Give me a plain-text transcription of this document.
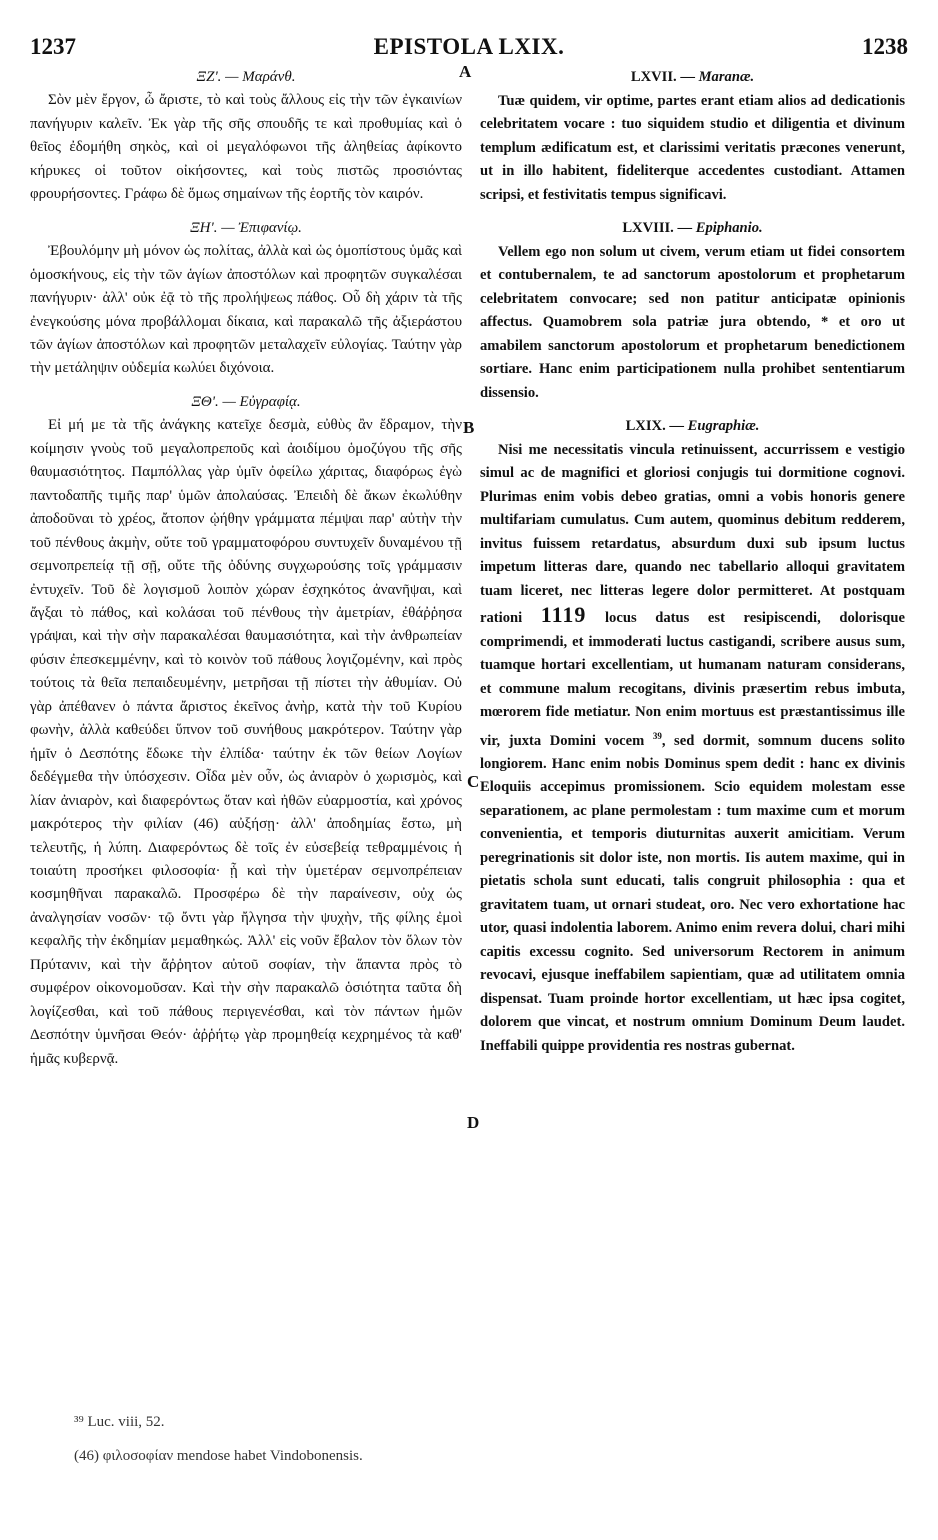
1237	EPISTOLA LXIX.	1238

ΞΖ'. — Μαράνθ.

Σὸν μὲν ἔργον, ὦ ἄριστε, τὸ καὶ τοὺς ἄλλους εἰς τὴν τῶν ἐγκαινίων πανήγυριν καλεῖν. Ἐκ γὰρ τῆς σῆς σπουδῆς τε καὶ προθυμίας καὶ ὁ θεῖος ἐδομήθη σηκὸς, καὶ οἱ μεγαλόφωνοι τῆς ἀληθείας ἀφίκοντο κήρυκες οἱ τοῦτον οἰκήσοντες, καὶ τοὺς πιστῶς προσιόντας φρουρήσοντες. Γράφω δὲ ὅμως σημαίνων τῆς ἑορτῆς τὸν καιρόν.

ΞΗ'. — Ἐπιφανίῳ.

Ἐβουλόμην μὴ μόνον ὡς πολίτας, ἀλλὰ καὶ ὡς ὁμοπίστους ὑμᾶς καὶ ὁμοσκήνους, εἰς τὴν τῶν ἁγίων ἀποστόλων καὶ προφητῶν συγκαλέσαι πανήγυριν· ἀλλ' οὐκ ἐᾷ τὸ τῆς προλήψεως πάθος. Οὗ δὴ χάριν τὰ τῆς ἐνεγκούσης μόνα προβάλλομαι δίκαια, καὶ παρακαλῶ τῆς ἀξιεράστου τῶν ἁγίων ἀποστόλων καὶ προφητῶν μεταλαχεῖν εὐλογίας. Ταύτην γὰρ τὴν μετάληψιν οὐδεμία κωλύει διχόνοια.

ΞΘ'. — Εὐγραφίᾳ.

Εἰ μή με τὰ τῆς ἀνάγκης κατεῖχε δεσμὰ, εὐθὺς ἂν ἔδραμον, τὴν κοίμησιν γνοὺς τοῦ μεγαλοπρεποῦς καὶ ἀοιδίμου ὁμοζύγου τῆς σῆς θαυμασιότητος. Παμπόλλας γὰρ ὑμῖν ὀφείλω χάριτας, διαφόρως ἐγὼ παντοδαπῆς τιμῆς παρ' ὑμῶν ἀπολαύσας. Ἐπειδὴ δὲ ἄκων ἐκωλύθην ἀποδοῦναι τὸ χρέος, ἄτοπον ᾠήθην γράμματα πέμψαι παρ' αὐτὴν τὴν τοῦ πένθους ἀκμὴν, οὔτε τοῦ γραμματοφόρου συντυχεῖν δυναμένου τῇ σεμνοπρεπείᾳ τῇ σῇ, οὔτε τῆς ὀδύνης συγχωρούσης τοῖς γράμμασιν ἐντυχεῖν. Τοῦ δὲ λογισμοῦ λοιπὸν χώραν ἐσχηκότος ἀνανῆψαι, καὶ ἄγξαι τὸ πάθος, καὶ κολάσαι τοῦ πένθους τὴν ἀμετρίαν, ἐθάῤῥησα γράψαι, καὶ τὴν σὴν παρακαλέσαι θαυμασιότητα, καὶ τὴν ἀνθρωπείαν φύσιν ἐπεσκεμμένην, καὶ τὸ κοινὸν τοῦ πάθους λογιζομένην, καὶ πρὸς τούτοις τὰ θεῖα πεπαιδευμένην, μετρῆσαι τῇ πίστει τὴν ἀθυμίαν. Οὐ γὰρ ἀπέθανεν ὁ πάντα ἄριστος ἐκεῖνος ἀνὴρ, κατὰ τὴν τοῦ Κυρίου φωνὴν, ἀλλὰ καθεύδει ὕπνον τοῦ συνήθους μακρότερον. Ταύτην γὰρ ἡμῖν ὁ Δεσπότης ἔδωκε τὴν ἐλπίδα· ταύτην ἐκ τῶν θείων Λογίων δεδέγμεθα τὴν ὑπόσχεσιν. Οἶδα μὲν οὖν, ὡς ἀνιαρὸν ὁ χωρισμὸς, καὶ λίαν ἀνιαρὸν, καὶ διαφερόντως ὅταν καὶ ἠθῶν εὐαρμοστία, καὶ χρόνος μακρότερος τὴν φιλίαν (46) αὐξήσῃ· ἀλλ' ἀποδημίας ἔστω, μὴ τελευτῆς, ἡ λύπη. Διαφερόντως δὲ τοῖς ἐν εὐσεβείᾳ τεθραμμένοις ἡ τοιαύτη προσήκει φιλοσοφία· ᾗ καὶ τὴν ὑμετέραν σεμνοπρέπειαν κοσμηθῆναι παρακαλῶ. Προσφέρω δὲ τὴν παραίνεσιν, οὐχ ὡς ἀναλγησίαν νοσῶν· τῷ ὄντι γὰρ ἤλγησα τὴν ψυχὴν, τῆς φίλης ἐμοὶ κεφαλῆς τὴν ἐκδημίαν μεμαθηκώς. Ἀλλ' εἰς νοῦν ἔβαλον τὸν ὅλων τὸν Πρύτανιν, καὶ τὴν ἄῤῥητον αὐτοῦ σοφίαν, τὴν ἅπαντα πρὸς τὸ συμφέρον οἰκονομοῦσαν. Καὶ τὴν σὴν παρακαλῶ ὁσιότητα ταῦτα δὴ λογίζεσθαι, καὶ τοῦ πάθους περιγενέσθαι, καὶ τὸν πάντων ἡμῶν Δεσπότην ὑμνῆσαι Θεόν· ἀῤῥήτῳ γὰρ προμηθείᾳ κεχρημένος τὰ καθ' ἡμᾶς κυβερνᾷ.

LXVII. — Maranæ.

Tuæ quidem, vir optime, partes erant etiam alios ad dedicationis celebritatem vocare : tuo siquidem studio et diligentia et divinum templum ædificatum est, et clarissimi veritatis præcones venerunt, ut in illo habitent, fideliterque accedentes custodiant. Attamen scripsi, et festivitatis tempus significavi.

LXVIII. — Epiphanio.

Vellem ego non solum ut civem, verum etiam ut fidei consortem et contubernalem, te ad sanctorum apostolorum et prophetarum celebritatem convocare; sed non patitur anticipatæ opinionis affectus. Quamobrem sola patriæ jura obtendo, * et oro ut amabilem sanctorum apostolorum et prophetarum benedictionem sortiare. Hanc enim participationem nulla prohibet sententiarum dissensio.

LXIX. — Eugraphiæ.

Nisi me necessitatis vincula retinuissent, accurrissem e vestigio simul ac de magnifici et gloriosi conjugis tui dormitione cognovi. Plurimas enim vobis debeo gratias, omni a vobis honoris genere multifariam cumulatus. Cum autem, quominus debitum redderem, invitus fuissem retardatus, absurdum duxi sub ipsum luctus impetum litteras dare, quando nec tabellario alloqui gravitatem tuam liceret, nec litteras legere dolor permitteret. At postquam rationi 1119 locus datus est resipiscendi, dolorisque comprimendi, et immoderati luctus castigandi, scribere ausus sum, tuamque hortari excellentiam, ut humanam naturam considerans, et commune malum recogitans, divinis præsertim rebus imbuta, mœrorem fide metiatur. Non enim mortuus est præstantissimus ille vir, juxta Domini vocem $^{39}$, sed dormit, somnum ducens solito longiorem. Hanc enim nobis Dominus spem dedit : hanc ex divinis Eloquiis accepimus promissionem. Scio equidem molestam esse separationem, ac plane permolestam : tum maxime cum et morum convenientia, et temporis diuturnitas auxerit amicitiam. Verum peregrinationis sit dolor iste, non mortis. Iis autem maxime, qui in pietatis schola sunt educati, talis congruit philosophia : qua et gravitatem tuam, ut ornari studeat, oro. Nec vero exhortatione hac utor, quasi indolentia laborem. Animo enim revera dolui, chari mihi capitis excessu cognito. Sed universorum Rectorem in animum revocavi, ejusque ineffabilem sapientiam, quæ ad utilitatem omnia dispensat. Tuam proinde hortor excellentiam, ut hæc ipsa cogitet, dolorem que vincat, et nostrum omnium Dominum Deum laudet. Ineffabili quippe providentia res nostras gubernat.

A
B
C
D
³⁹ Luc. viii, 52.
(46) φιλοσοφίαν mendose habet Vindobonensis.
